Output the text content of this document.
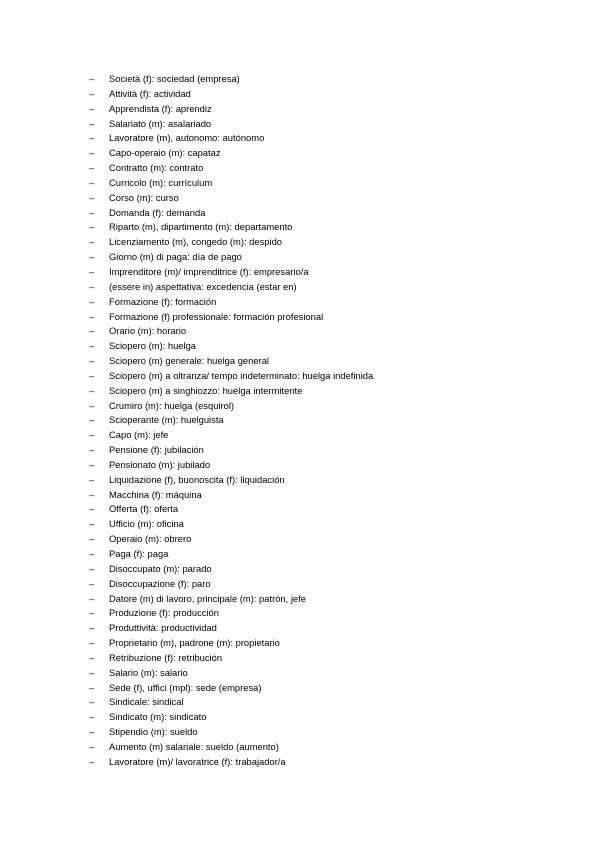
–	Società (f): sociedad (empresa)
–	Attività (f): actividad
–	Apprendista (f): aprendiz
–	Salariato (m): asalariado
–	Lavoratore (m), autonomo: autónomo
–	Capo-operaio (m): capataz
–	Contratto (m): contrato
–	Curricolo (m): currículum
–	Corso (m): curso
–	Domanda (f): demanda
–	Riparto (m), dipartimento (m): departamento
–	Licenziamento (m), congedo (m): despido
–	Giorno (m) di paga: día de pago
–	Imprenditore (m)/ imprenditrice (f): empresario/a
–	(essere in) aspettativa: excedencia (estar en)
–	Formazione (f): formación
–	Formazione (f) professionale: formación profesional
–	Orario (m): horario
–	Sciopero (m): huelga
–	Sciopero (m) generale: huelga general
–	Sciopero (m) a oltranza/ tempo indeterminato: huelga indefinida
–	Sciopero (m) a singhiozzo: huelga intermitente
–	Crumiro (m): huelga (esquirol)
–	Scioperante (m): huelguista
–	Capo (m): jefe
–	Pensione (f): jubilación
–	Pensionato (m): jubilado
–	Liquidazione (f), buonoscita (f): liquidación
–	Macchina (f): máquina
–	Offerta (f): oferta
–	Ufficio (m): oficina
–	Operaio (m): obrero
–	Paga (f): paga
–	Disoccupato (m): parado
–	Disoccupazione (f): paro
–	Datore (m) di lavoro, principale (m): patrón, jefe
–	Produzione (f): producción
–	Produttività: productividad
–	Proprietario (m), padrone (m): propietario
–	Retribuzione (f): retribución
–	Salario (m): salario
–	Sede (f), uffici (mpl): sede (empresa)
–	Sindicale: sindical
–	Sindicato (m): sindicato
–	Stipendio (m): sueldo
–	Aumento (m) salariale: sueldo (aumento)
–	Lavoratore (m)/ lavoratrice (f): trabajador/a
